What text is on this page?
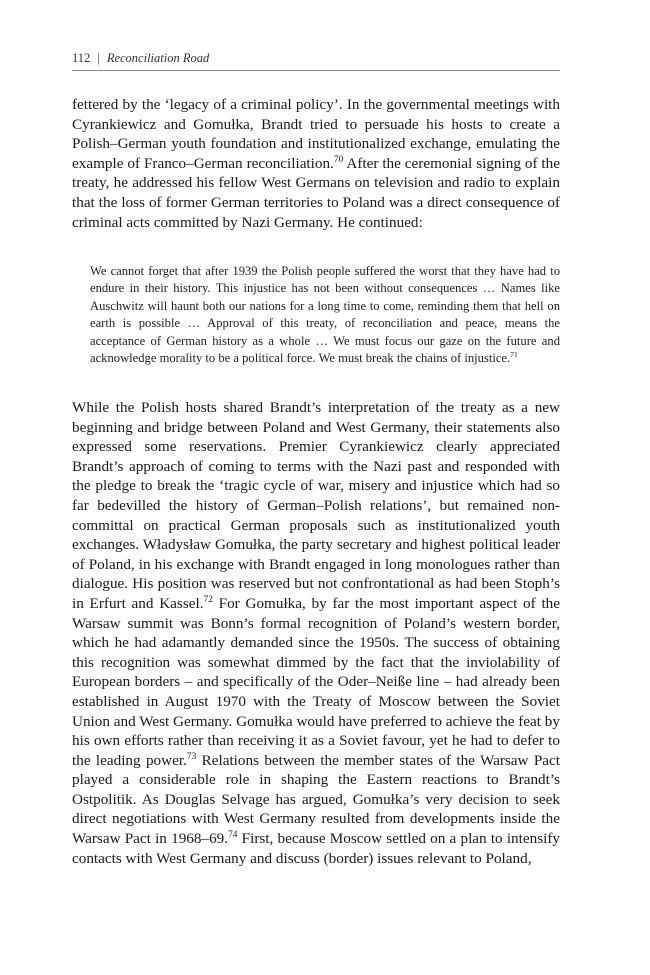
112 | Reconciliation Road

fettered by the ‘legacy of a criminal policy’. In the governmental meetings with Cyrankiewicz and Gomułka, Brandt tried to persuade his hosts to create a Polish–German youth foundation and institutionalized exchange, emulating the example of Franco–German reconciliation.$^{70}$ After the ceremonial signing of the treaty, he addressed his fellow West Germans on television and radio to explain that the loss of former German territories to Poland was a direct consequence of criminal acts committed by Nazi Germany. He continued:

We cannot forget that after 1939 the Polish people suffered the worst that they have had to endure in their history. This injustice has not been without consequences … Names like Auschwitz will haunt both our nations for a long time to come, reminding them that hell on earth is possible … Approval of this treaty, of reconciliation and peace, means the acceptance of German history as a whole … We must focus our gaze on the future and acknowledge morality to be a political force. We must break the chains of injustice.$^{71}$

While the Polish hosts shared Brandt’s interpretation of the treaty as a new beginning and bridge between Poland and West Germany, their statements also expressed some reservations. Premier Cyrankiewicz clearly appreciated Brandt’s approach of coming to terms with the Nazi past and responded with the pledge to break the ‘tragic cycle of war, misery and injustice which had so far bedevilled the history of German–Polish relations’, but remained non-committal on practical German proposals such as institutionalized youth exchanges. Władysław Gomułka, the party secretary and highest political leader of Poland, in his exchange with Brandt engaged in long monologues rather than dialogue. His position was reserved but not confrontational as had been Stoph’s in Erfurt and Kassel.$^{72}$ For Gomułka, by far the most important aspect of the Warsaw summit was Bonn’s formal recognition of Poland’s western border, which he had adamantly demanded since the 1950s. The success of obtaining this recognition was somewhat dimmed by the fact that the inviolability of European borders – and specifically of the Oder–Neiße line – had already been established in August 1970 with the Treaty of Moscow between the Soviet Union and West Germany. Gomułka would have preferred to achieve the feat by his own efforts rather than receiving it as a Soviet favour, yet he had to defer to the leading power.$^{73}$ Relations between the member states of the Warsaw Pact played a considerable role in shaping the Eastern reactions to Brandt’s Ostpolitik. As Douglas Selvage has argued, Gomułka’s very decision to seek direct negotiations with West Germany resulted from developments inside the Warsaw Pact in 1968–69.74 First, because Moscow settled on a plan to intensify contacts with West Germany and discuss (border) issues relevant to Poland,
